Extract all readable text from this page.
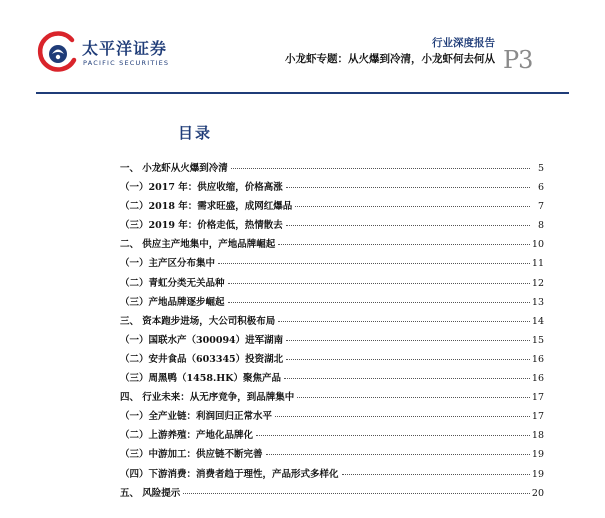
太平洋证券
PACIFIC SECURITIES
行业深度报告
小龙虾专题：从火爆到冷清，小龙虾何去何从 P3
目录
一、 小龙虾从火爆到冷清	5
（一）2017 年：供应收缩，价格高涨	6
（二）2018 年：需求旺盛，成网红爆品	7
（三）2019 年：价格走低，热情散去	8
二、 供应主产地集中，产地品牌崛起	10
（一）主产区分布集中	11
（二）青虹分类无关品种	12
（三）产地品牌逐步崛起	13
三、 资本跑步进场，大公司积极布局	14
（一）国联水产（300094）进军湖南	15
（二）安井食品（603345）投资湖北	16
（三）周黑鸭（1458.HK）聚焦产品	16
四、 行业未来：从无序竞争，到品牌集中	17
（一）全产业链：利润回归正常水平	17
（二）上游养殖：产地化品牌化	18
（三）中游加工：供应链不断完善	19
（四）下游消费：消费者趋于理性，产品形式多样化	19
五、 风险提示	20
